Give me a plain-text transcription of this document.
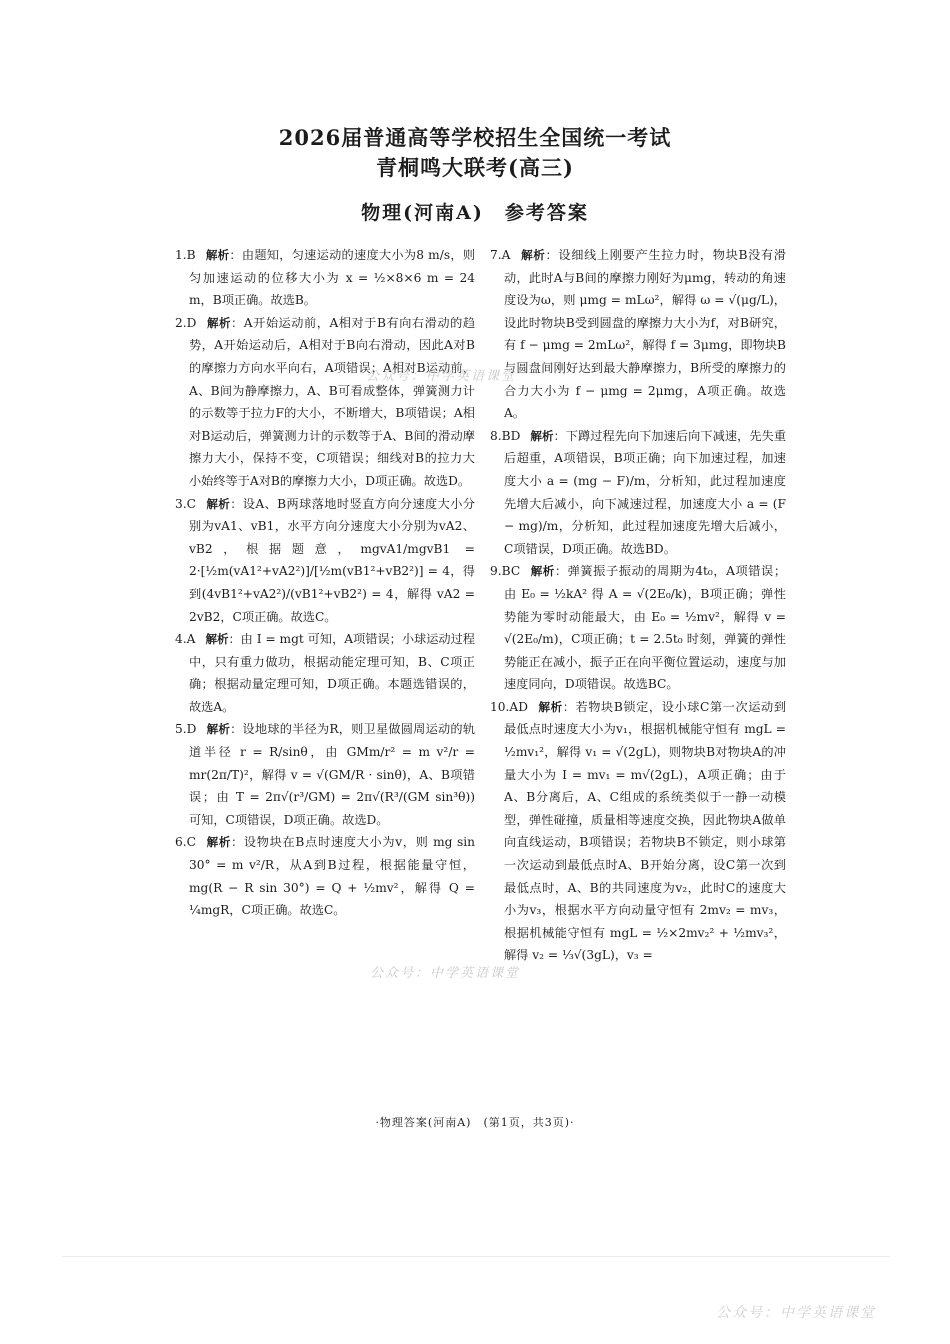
2026届普通高等学校招生全国统一考试
青桐鸣大联考(高三)
物理(河南A)　参考答案

1.B 解析：由题知，匀速运动的速度大小为8 m/s，则匀加速运动的位移大小为 x = ½×8×6 m = 24 m，B项正确。故选B。

2.D 解析：A开始运动前，A相对于B有向右滑动的趋势，A开始运动后，A相对于B向右滑动，因此A对B的摩擦力方向水平向右，A项错误；A相对B运动前，A、B间为静摩擦力，A、B可看成整体，弹簧测力计的示数等于拉力F的大小，不断增大，B项错误；A相对B运动后，弹簧测力计的示数等于A、B间的滑动摩擦力大小，保持不变，C项错误；细线对B的拉力大小始终等于A对B的摩擦力大小，D项正确。故选D。

3.C 解析：设A、B两球落地时竖直方向分速度大小分别为vA1、vB1，水平方向分速度大小分别为vA2、vB2，根据题意，mgvA1/mgvB1 = 2·[½m(vA1²+vA2²)]/[½m(vB1²+vB2²)] = 4，得到(4vB1²+vA2²)/(vB1²+vB2²) = 4，解得 vA2 = 2vB2，C项正确。故选C。

4.A 解析：由 I = mgt 可知，A项错误；小球运动过程中，只有重力做功，根据动能定理可知，B、C项正确；根据动量定理可知，D项正确。本题选错误的，故选A。

5.D 解析：设地球的半径为R，则卫星做圆周运动的轨道半径 r = R/sinθ，由 GMm/r² = m v²/r = mr(2π/T)²，解得 v = √(GM/R · sinθ)，A、B项错误；由 T = 2π√(r³/GM) = 2π√(R³/(GM sin³θ)) 可知，C项错误，D项正确。故选D。

6.C 解析：设物块在B点时速度大小为v，则 mg sin 30° = m v²/R，从A到B过程，根据能量守恒，mg(R − R sin 30°) = Q + ½mv²，解得 Q = ¼mgR，C项正确。故选C。

7.A 解析：设细线上刚要产生拉力时，物块B没有滑动，此时A与B间的摩擦力刚好为μmg，转动的角速度设为ω，则 μmg = mLω²，解得 ω = √(μg/L)，设此时物块B受到圆盘的摩擦力大小为f，对B研究，有 f − μmg = 2mLω²，解得 f = 3μmg，即物块B与圆盘间刚好达到最大静摩擦力，B所受的摩擦力的合力大小为 f − μmg = 2μmg，A项正确。故选A。

8.BD 解析：下蹲过程先向下加速后向下减速，先失重后超重，A项错误，B项正确；向下加速过程，加速度大小 a = (mg − F)/m，分析知，此过程加速度先增大后减小，向下减速过程，加速度大小 a = (F − mg)/m，分析知，此过程加速度先增大后减小，C项错误，D项正确。故选BD。

9.BC 解析：弹簧振子振动的周期为4t₀，A项错误；由 E₀ = ½kA² 得 A = √(2E₀/k)，B项正确；弹性势能为零时动能最大，由 E₀ = ½mv²，解得 v = √(2E₀/m)，C项正确；t = 2.5t₀ 时刻，弹簧的弹性势能正在减小，振子正在向平衡位置运动，速度与加速度同向，D项错误。故选BC。

10.AD 解析：若物块B锁定，设小球C第一次运动到最低点时速度大小为v₁，根据机械能守恒有 mgL = ½mv₁²，解得 v₁ = √(2gL)，则物块B对物块A的冲量大小为 I = mv₁ = m√(2gL)，A项正确；由于A、B分离后，A、C组成的系统类似于一静一动模型，弹性碰撞，质量相等速度交换，因此物块A做单向直线运动，B项错误；若物块B不锁定，则小球第一次运动到最低点时A、B开始分离，设C第一次到最低点时，A、B的共同速度为v₂，此时C的速度大小为v₃，根据水平方向动量守恒有 2mv₂ = mv₃，根据机械能守恒有 mgL = ½×2mv₂² + ½mv₃²，解得 v₂ = ⅓√(3gL)，v₃ =

·物理答案(河南A)　(第1页，共3页)·
公众号：中学英语课堂
公众号：中学英语课堂
公众号：中学英语课堂
